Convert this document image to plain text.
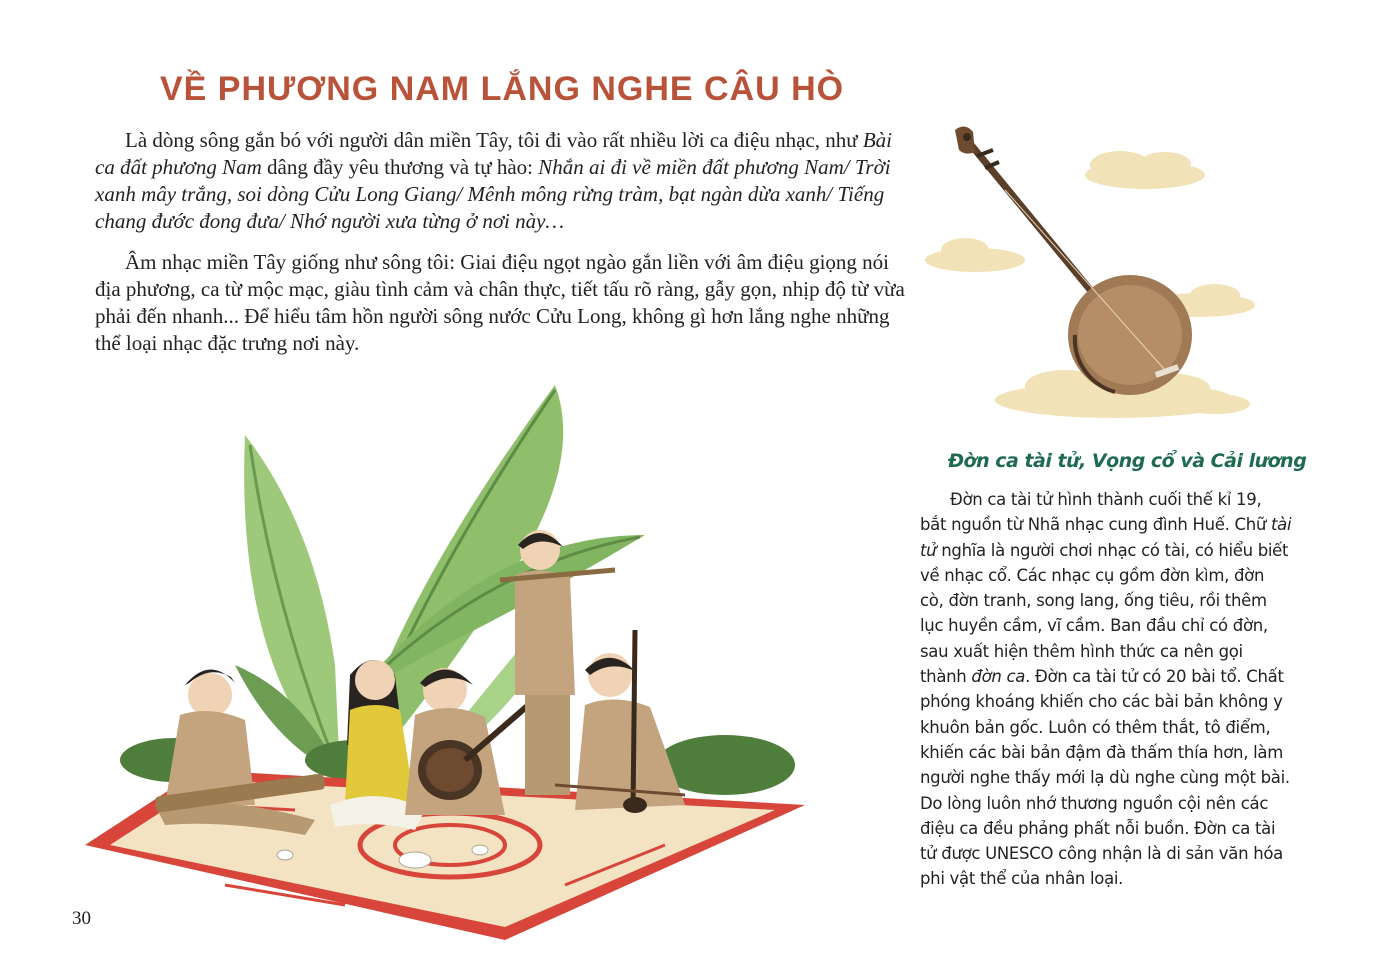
VỀ PHƯƠNG NAM LẮNG NGHE CÂU HÒ

Là dòng sông gắn bó với người dân miền Tây, tôi đi vào rất nhiều lời ca điệu nhạc, như Bài ca đất phương Nam dâng đầy yêu thương và tự hào: Nhắn ai đi về miền đất phương Nam/ Trời xanh mây trắng, soi dòng Cửu Long Giang/ Mênh mông rừng tràm, bạt ngàn dừa xanh/ Tiếng chang đước đong đưa/ Nhớ người xưa từng ở nơi này…

Âm nhạc miền Tây giống như sông tôi: Giai điệu ngọt ngào gắn liền với âm điệu giọng nói địa phương, ca từ mộc mạc, giàu tình cảm và chân thực, tiết tấu rõ ràng, gẫy gọn, nhịp độ từ vừa phải đến nhanh... Để hiểu tâm hồn người sông nước Cửu Long, không gì hơn lắng nghe những thể loại nhạc đặc trưng nơi này.

Đờn ca tài tử, Vọng cổ và Cải lương

Đờn ca tài tử hình thành cuối thế kỉ 19, bắt nguồn từ Nhã nhạc cung đình Huế. Chữ tài tử nghĩa là người chơi nhạc có tài, có hiểu biết về nhạc cổ. Các nhạc cụ gồm đờn kìm, đờn cò, đờn tranh, song lang, ống tiêu, rồi thêm lục huyền cầm, vĩ cầm. Ban đầu chỉ có đờn, sau xuất hiện thêm hình thức ca nên gọi thành đờn ca. Đờn ca tài tử có 20 bài tổ. Chất phóng khoáng khiến cho các bài bản không y khuôn bản gốc. Luôn có thêm thắt, tô điểm, khiến các bài bản đậm đà thấm thía hơn, làm người nghe thấy mới lạ dù nghe cùng một bài. Do lòng luôn nhớ thương nguồn cội nên các điệu ca đều phảng phất nỗi buồn. Đờn ca tài tử được UNESCO công nhận là di sản văn hóa phi vật thể của nhân loại.

30
